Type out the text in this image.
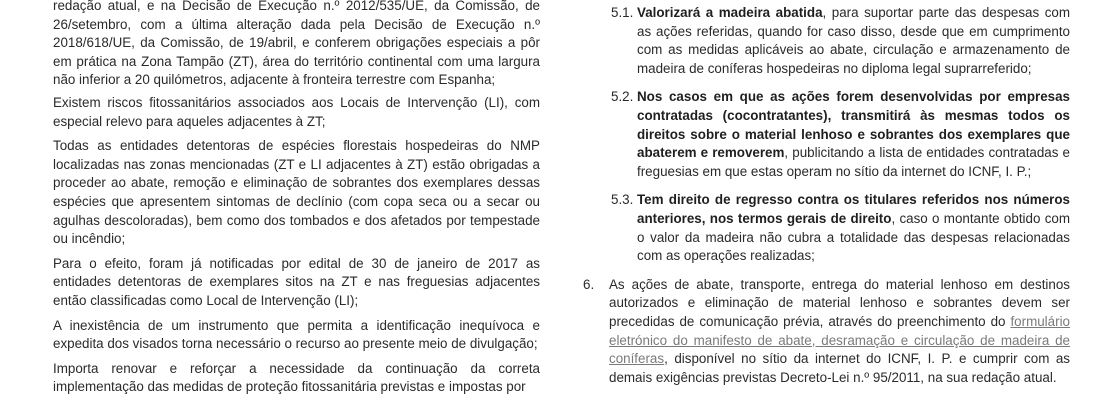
redação atual, e na Decisão de Execução n.º 2012/535/UE, da Comissão, de 26/setembro, com a última alteração dada pela Decisão de Execução n.º 2018/618/UE, da Comissão, de 19/abril, e conferem obrigações especiais a pôr em prática na Zona Tampão (ZT), área do território continental com uma largura não inferior a 20 quilómetros, adjacente à fronteira terrestre com Espanha;

Existem riscos fitossanitários associados aos Locais de Intervenção (LI), com especial relevo para aqueles adjacentes à ZT;

Todas as entidades detentoras de espécies florestais hospedeiras do NMP localizadas nas zonas mencionadas (ZT e LI adjacentes à ZT) estão obrigadas a proceder ao abate, remoção e eliminação de sobrantes dos exemplares dessas espécies que apresentem sintomas de declínio (com copa seca ou a secar ou agulhas descoloradas), bem como dos tombados e dos afetados por tempestade ou incêndio;

Para o efeito, foram já notificadas por edital de 30 de janeiro de 2017 as entidades detentoras de exemplares sitos na ZT e nas freguesias adjacentes então classificadas como Local de Intervenção (LI);

A inexistência de um instrumento que permita a identificação inequívoca e expedita dos visados torna necessário o recurso ao presente meio de divulgação;

Importa renovar e reforçar a necessidade da continuação da correta implementação das medidas de proteção fitossanitária previstas e impostas por

5.1. Valorizará a madeira abatida, para suportar parte das despesas com as ações referidas, quando for caso disso, desde que em cumprimento com as medidas aplicáveis ao abate, circulação e armazenamento de madeira de coníferas hospedeiras no diploma legal suprarreferido;
5.2. Nos casos em que as ações forem desenvolvidas por empresas contratadas (cocontratantes), transmitirá às mesmas todos os direitos sobre o material lenhoso e sobrantes dos exemplares que abaterem e removerem, publicitando a lista de entidades contratadas e freguesias em que estas operam no sítio da internet do ICNF, I. P.;
5.3. Tem direito de regresso contra os titulares referidos nos números anteriores, nos termos gerais de direito, caso o montante obtido com o valor da madeira não cubra a totalidade das despesas relacionadas com as operações realizadas;
6. As ações de abate, transporte, entrega do material lenhoso em destinos autorizados e eliminação de material lenhoso e sobrantes devem ser precedidas de comunicação prévia, através do preenchimento do formulário eletrónico do manifesto de abate, desramação e circulação de madeira de coníferas, disponível no sítio da internet do ICNF, I. P. e cumprir com as demais exigências previstas Decreto-Lei n.º 95/2011, na sua redação atual.
